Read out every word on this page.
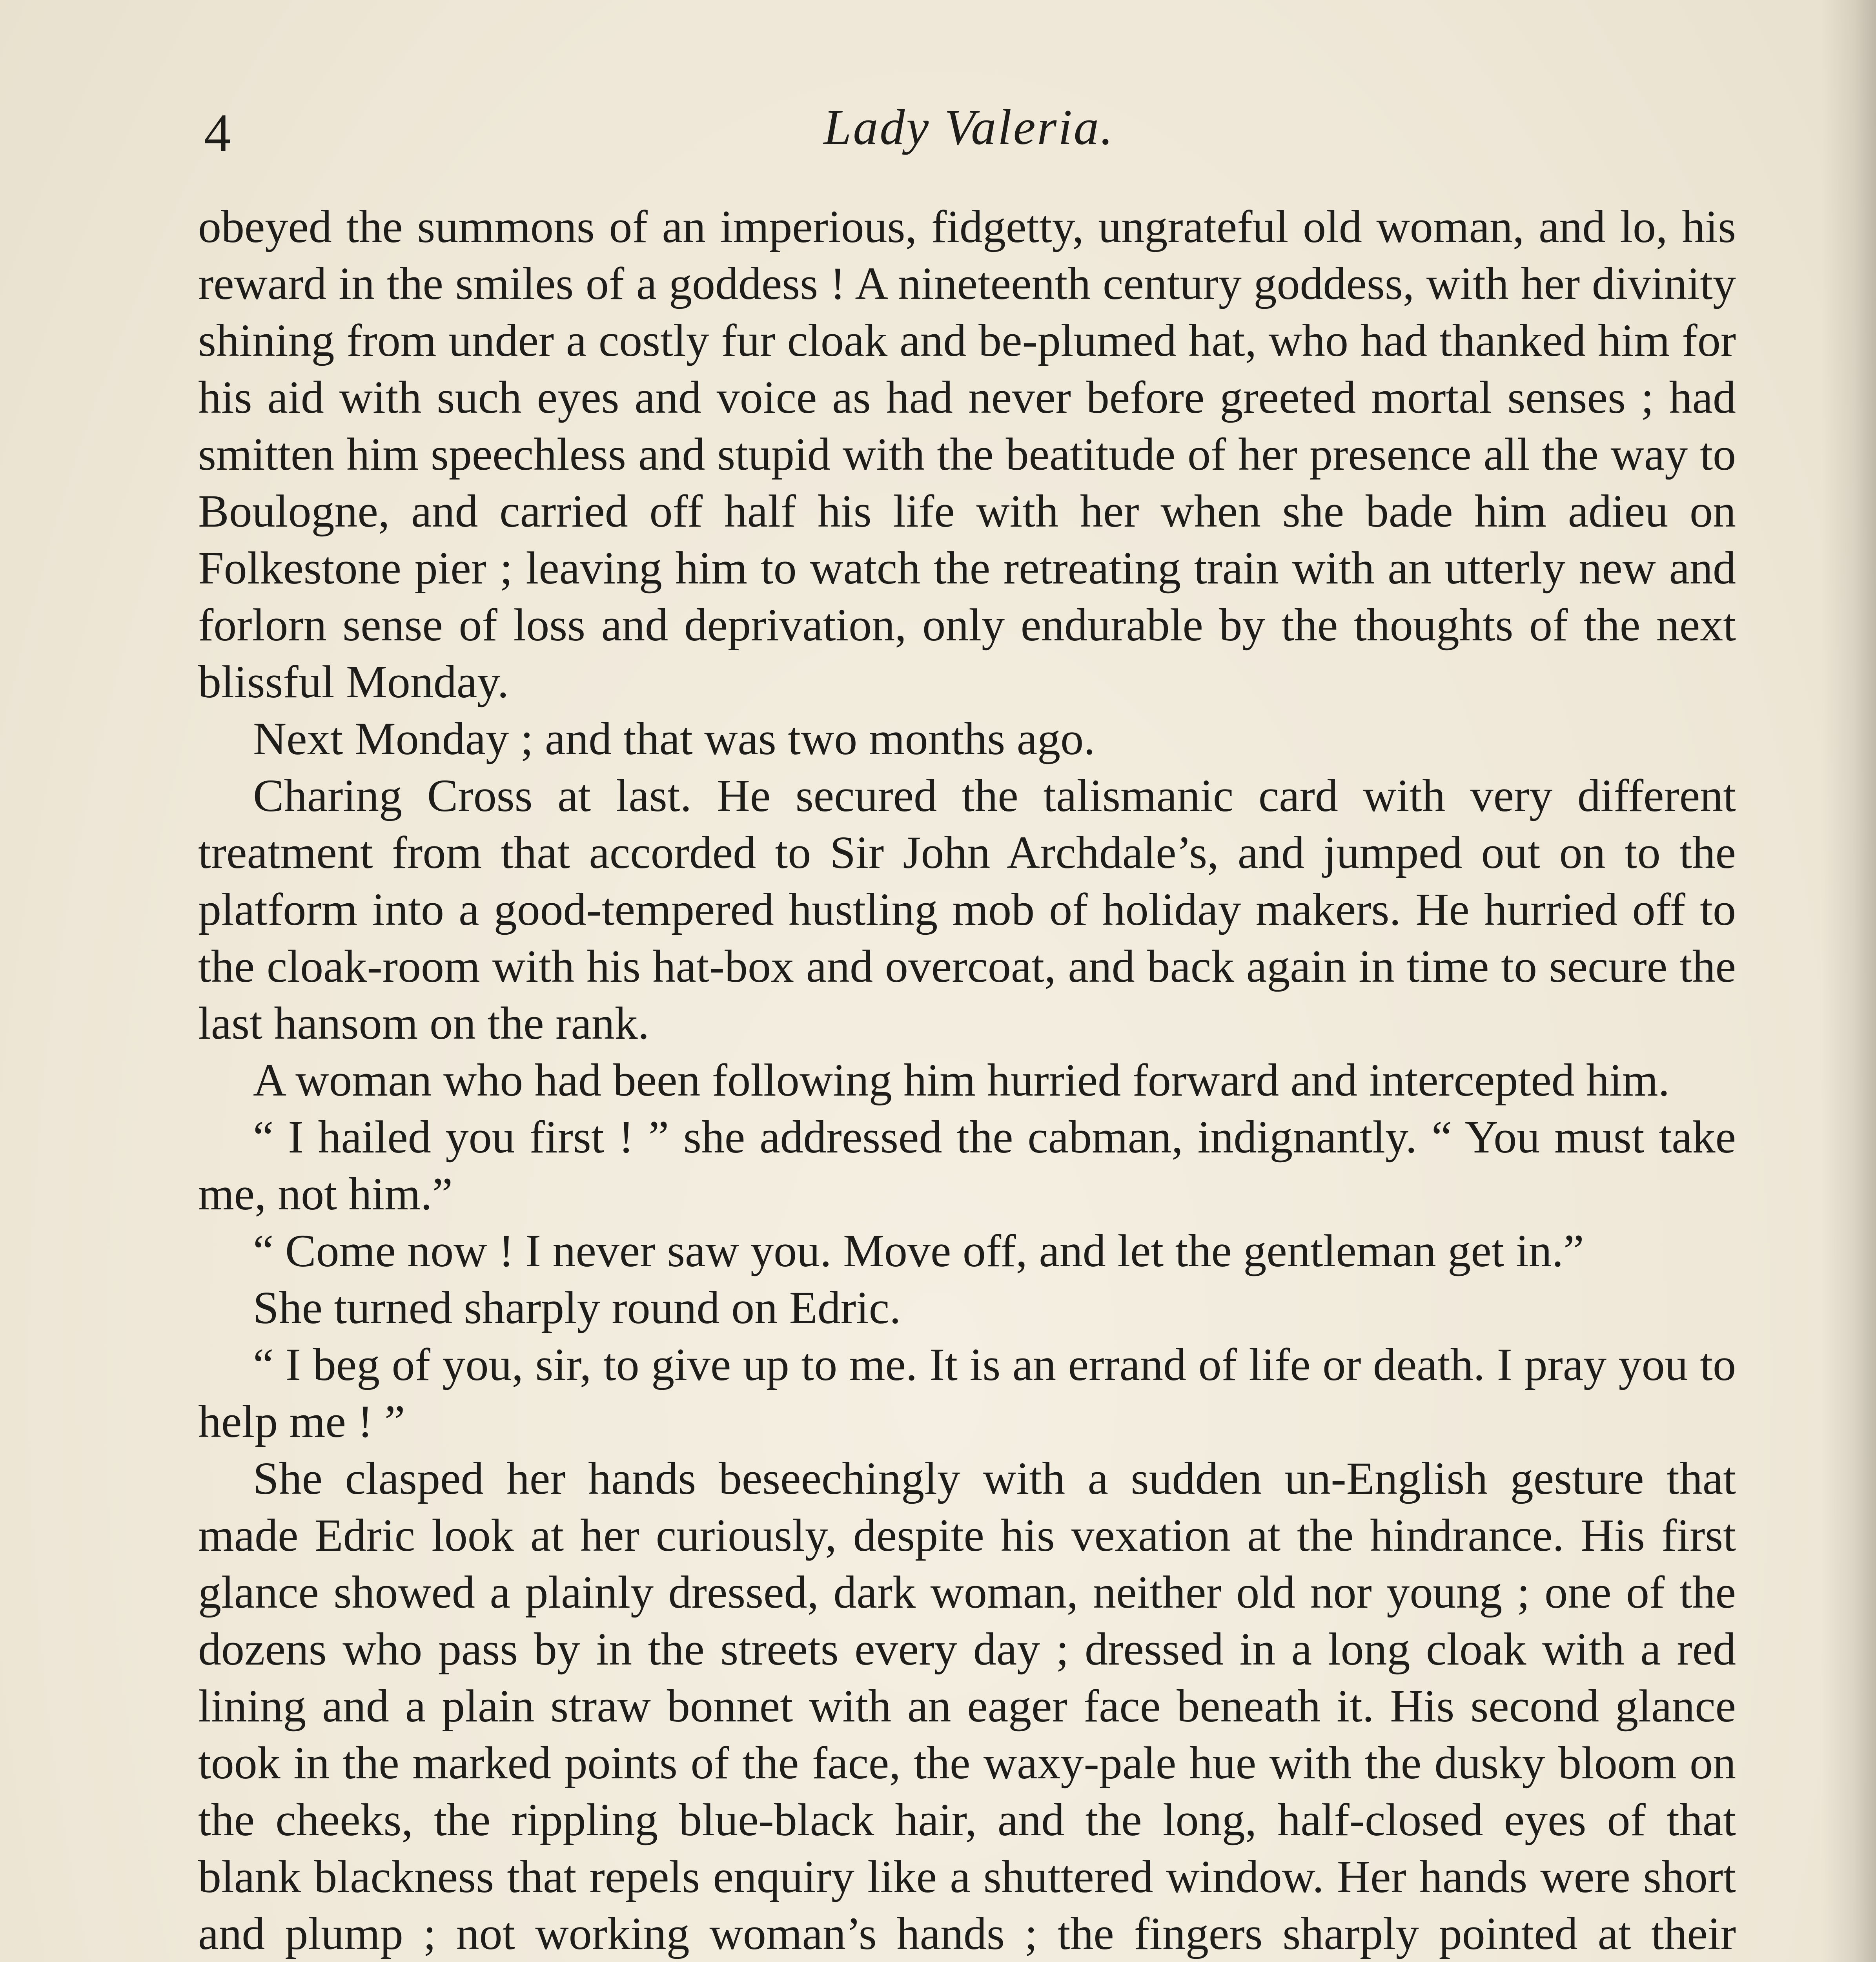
4	Lady Valeria.

obeyed the summons of an imperious, fidgetty, ungrateful old woman, and lo, his reward in the smiles of a goddess ! A nineteenth century goddess, with her divinity shining from under a costly fur cloak and be-plumed hat, who had thanked him for his aid with such eyes and voice as had never before greeted mortal senses ; had smitten him speechless and stupid with the beatitude of her presence all the way to Boulogne, and carried off half his life with her when she bade him adieu on Folkestone pier ; leaving him to watch the retreating train with an utterly new and forlorn sense of loss and deprivation, only endurable by the thoughts of the next blissful Monday.

Next Monday ; and that was two months ago.

Charing Cross at last. He secured the talismanic card with very different treatment from that accorded to Sir John Archdale’s, and jumped out on to the platform into a good-tempered hustling mob of holiday makers. He hurried off to the cloak-room with his hat-box and overcoat, and back again in time to secure the last hansom on the rank.

A woman who had been following him hurried forward and intercepted him.

“ I hailed you first ! ” she addressed the cabman, indignantly. “ You must take me, not him.”

“ Come now ! I never saw you. Move off, and let the gentleman get in.”

She turned sharply round on Edric.

“ I beg of you, sir, to give up to me. It is an errand of life or death. I pray you to help me ! ”

She clasped her hands beseechingly with a sudden un-English gesture that made Edric look at her curiously, despite his vexation at the hindrance. His first glance showed a plainly dressed, dark woman, neither old nor young ; one of the dozens who pass by in the streets every day ; dressed in a long cloak with a red lining and a plain straw bonnet with an eager face beneath it. His second glance took in the marked points of the face, the waxy-pale hue with the dusky bloom on the cheeks, the rippling blue-black hair, and the long, half-closed eyes of that blank blackness that repels enquiry like a shuttered window. Her hands were short and plump ; not working woman’s hands ; the fingers sharply pointed at their
